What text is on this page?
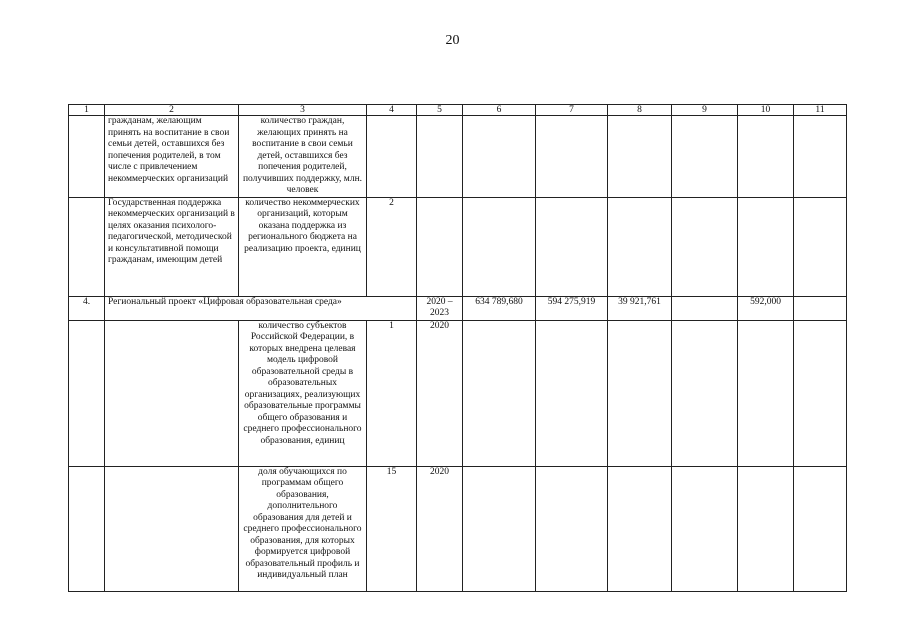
20
1	2	3	4	5	6	7	8	9	10	11
	гражданам, желающим принять на воспитание в свои семьи детей, оставшихся без попечения родителей, в том числе с привлечением некоммерческих организаций	количество граждан, желающих принять на воспитание в свои семьи детей, оставшихся без попечения родителей, получивших поддержку, млн. человек								
	Государственная поддержка некоммерческих организаций в целях оказания психолого-педагогической, методической и консультативной помощи гражданам, имеющим детей	количество некоммерческих организаций, которым оказана поддержка из регионального бюджета на реализацию проекта, единиц	2							
4.	Региональный проект «Цифровая образовательная среда»			2020 – 2023	634 789,680	594 275,919	39 921,761		592,000	
		количество субъектов Российской Федерации, в которых внедрена целевая модель цифровой образовательной среды в образовательных организациях, реализующих образовательные программы общего образования и среднего профессионального образования, единиц	1	2020						
		доля обучающихся по программам общего образования, дополнительного образования для детей и среднего профессионального образования, для которых формируется цифровой образовательный профиль и индивидуальный план	15	2020						
